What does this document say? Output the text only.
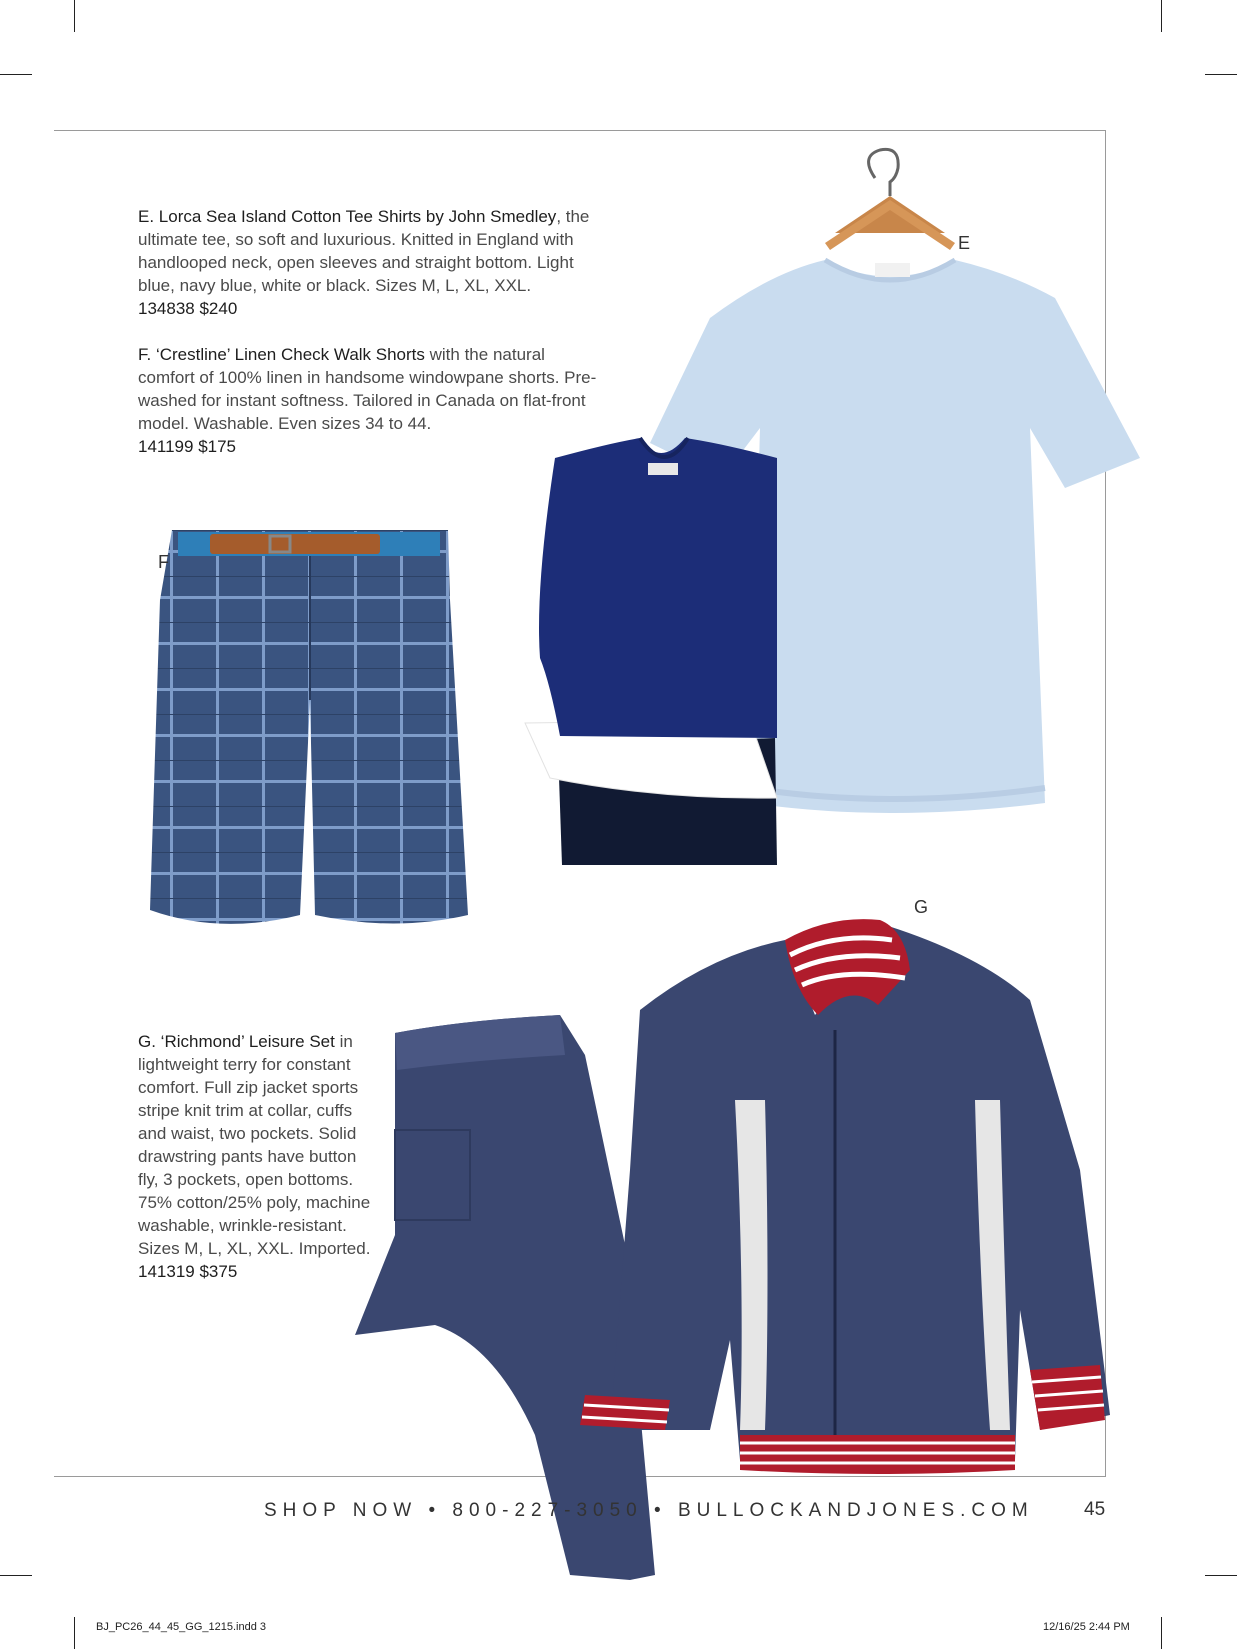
E
F
G

E. Lorca Sea Island Cotton Tee Shirts by John Smedley, the ultimate tee, so soft and luxurious. Knitted in England with handlooped neck, open sleeves and straight bottom. Light blue, navy blue, white or black. Sizes M, L, XL, XXL.

134838 $240

F. ‘Crestline’ Linen Check Walk Shorts with the natural comfort of 100% linen in handsome windowpane shorts. Pre-washed for instant softness. Tailored in Canada on flat-front model. Washable. Even sizes 34 to 44.

141199 $175

G. ‘Richmond’ Leisure Set in lightweight terry for constant comfort. Full zip jacket sports stripe knit trim at collar, cuffs and waist, two pockets. Solid drawstring pants have button fly, 3 pockets, open bottoms. 75% cotton/25% poly, machine washable, wrinkle-resistant. Sizes M, L, XL, XXL. Imported. 141319 $375

SHOP NOW • 800-227-3050 • BULLOCKANDJONES.COM	45
BJ_PC26_44_45_GG_1215.indd 3	12/16/25 2:44 PM
